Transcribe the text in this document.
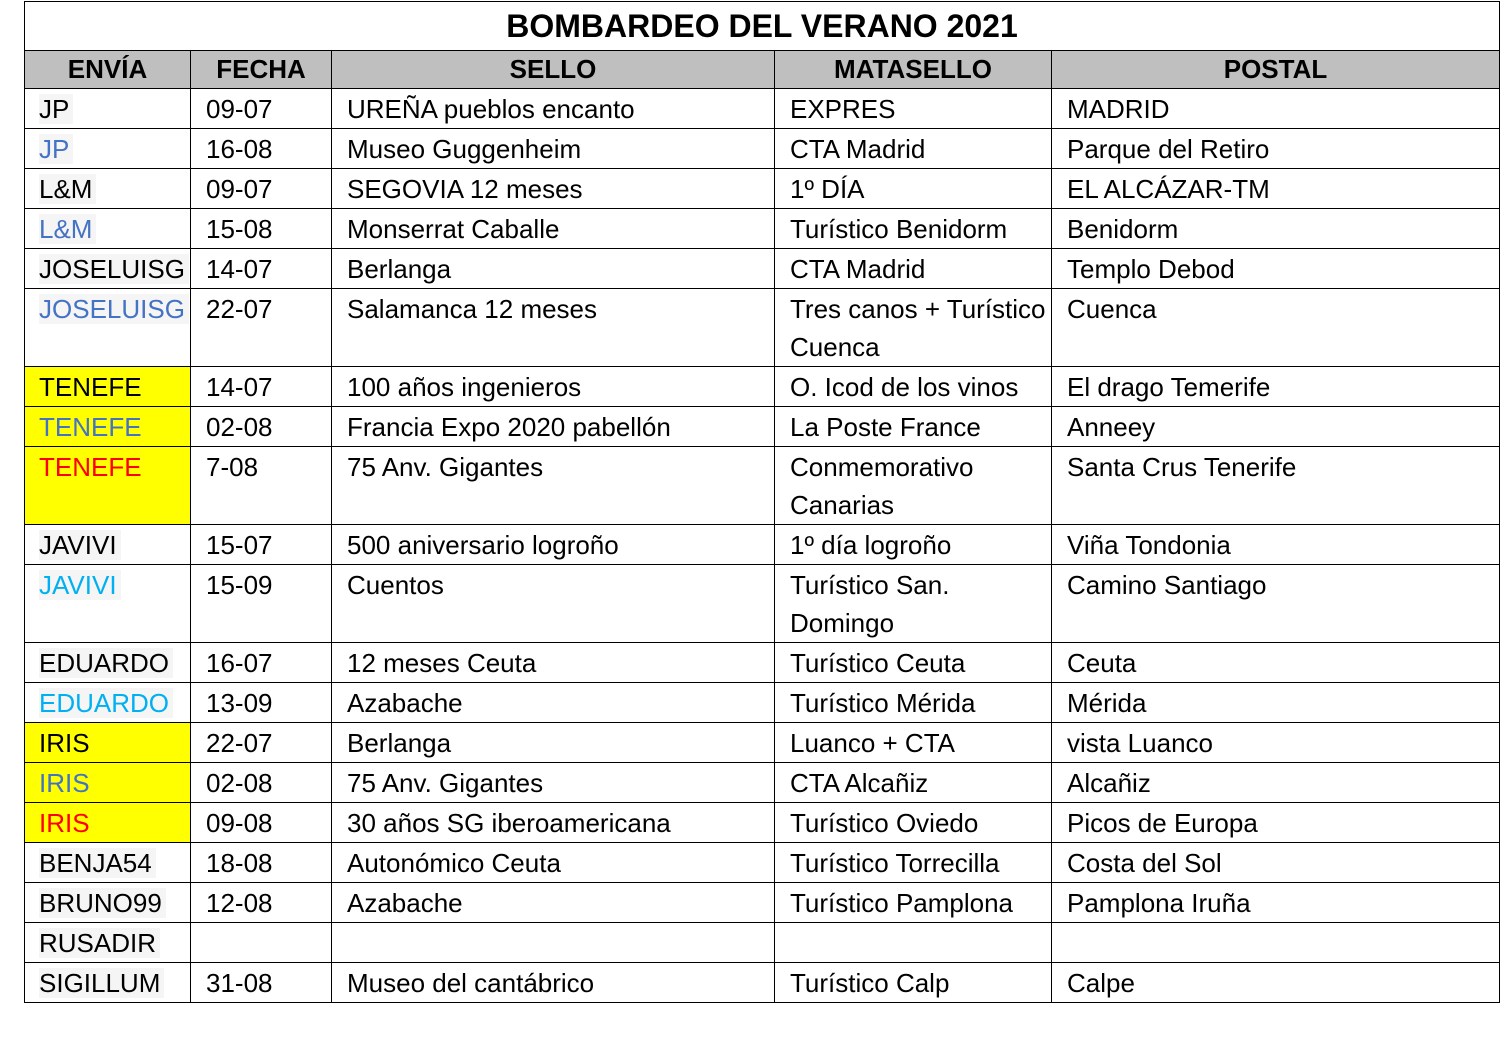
BOMBARDEO DEL VERANO 2021				
ENVÍA	FECHA	SELLO	MATASELLO	POSTAL
JP	09-07	UREÑA pueblos encanto	EXPRES	MADRID
JP	16-08	Museo Guggenheim	CTA Madrid	Parque del Retiro
L&M	09-07	SEGOVIA 12 meses	1º DÍA	EL ALCÁZAR-TM
L&M	15-08	Monserrat Caballe	Turístico Benidorm	Benidorm
JOSELUISG	14-07	Berlanga	CTA Madrid	Templo Debod
JOSELUISG	22-07	Salamanca 12 meses	Tres canos + Turístico Cuenca	Cuenca
TENEFE	14-07	100 años ingenieros	O. Icod de los vinos	El drago Temerife
TENEFE	02-08	Francia Expo 2020 pabellón	La Poste France	Anneey
TENEFE	7-08	75 Anv. Gigantes	Conmemorativo Canarias	Santa Crus Tenerife
JAVIVI	15-07	500 aniversario logroño	1º día logroño	Viña Tondonia
JAVIVI	15-09	Cuentos	Turístico San. Domingo	Camino Santiago
EDUARDO	16-07	12 meses Ceuta	Turístico Ceuta	Ceuta
EDUARDO	13-09	Azabache	Turístico Mérida	Mérida
IRIS	22-07	Berlanga	Luanco + CTA	vista Luanco
IRIS	02-08	75 Anv. Gigantes	CTA Alcañiz	Alcañiz
IRIS	09-08	30 años SG iberoamericana	Turístico Oviedo	Picos de Europa
BENJA54	18-08	Autonómico Ceuta	Turístico Torrecilla	Costa del Sol
BRUNO99	12-08	Azabache	Turístico Pamplona	Pamplona Iruña
RUSADIR				
SIGILLUM	31-08	Museo del cantábrico	Turístico Calp	Calpe
